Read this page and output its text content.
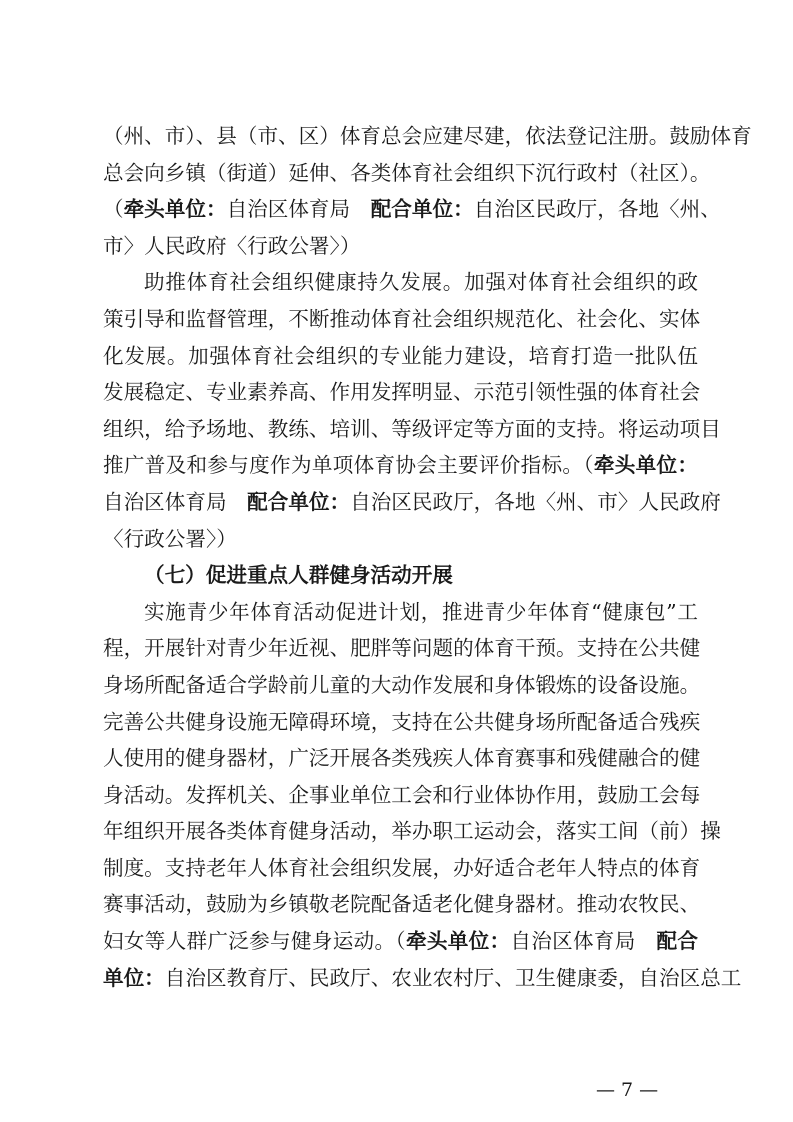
（州、市）、县（市、区）体育总会应建尽建，依法登记注册。鼓励体育
总会向乡镇（街道）延伸、各类体育社会组织下沉行政村（社区）。
（牵头单位：自治区体育局　 配合单位：自治区民政厅，各地〈州、
市〉人民政府〈行政公署〉）
助推体育社会组织健康持久发展。加强对体育社会组织的政
策引导和监督管理，不断推动体育社会组织规范化、社会化、实体
化发展。加强体育社会组织的专业能力建设，培育打造一批队伍
发展稳定、专业素养高、作用发挥明显、示范引领性强的体育社会
组织，给予场地、教练、培训、等级评定等方面的支持。将运动项目
推广普及和参与度作为单项体育协会主要评价指标。（牵头单位：
自治区体育局　 配合单位：自治区民政厅，各地〈州、市〉人民政府
〈行政公署〉）
（七）促进重点人群健身活动开展
实施青少年体育活动促进计划，推进青少年体育“健康包”工
程，开展针对青少年近视、肥胖等问题的体育干预。支持在公共健
身场所配备适合学龄前儿童的大动作发展和身体锻炼的设备设施。
完善公共健身设施无障碍环境，支持在公共健身场所配备适合残疾
人使用的健身器材，广泛开展各类残疾人体育赛事和残健融合的健
身活动。发挥机关、企事业单位工会和行业体协作用，鼓励工会每
年组织开展各类体育健身活动，举办职工运动会，落实工间（前）操
制度。支持老年人体育社会组织发展，办好适合老年人特点的体育
赛事活动，鼓励为乡镇敬老院配备适老化健身器材。推动农牧民、
妇女等人群广泛参与健身运动。（牵头单位：自治区体育局　 配合
单位：自治区教育厅、民政厅、农业农村厅、卫生健康委，自治区总工
— 7 —
